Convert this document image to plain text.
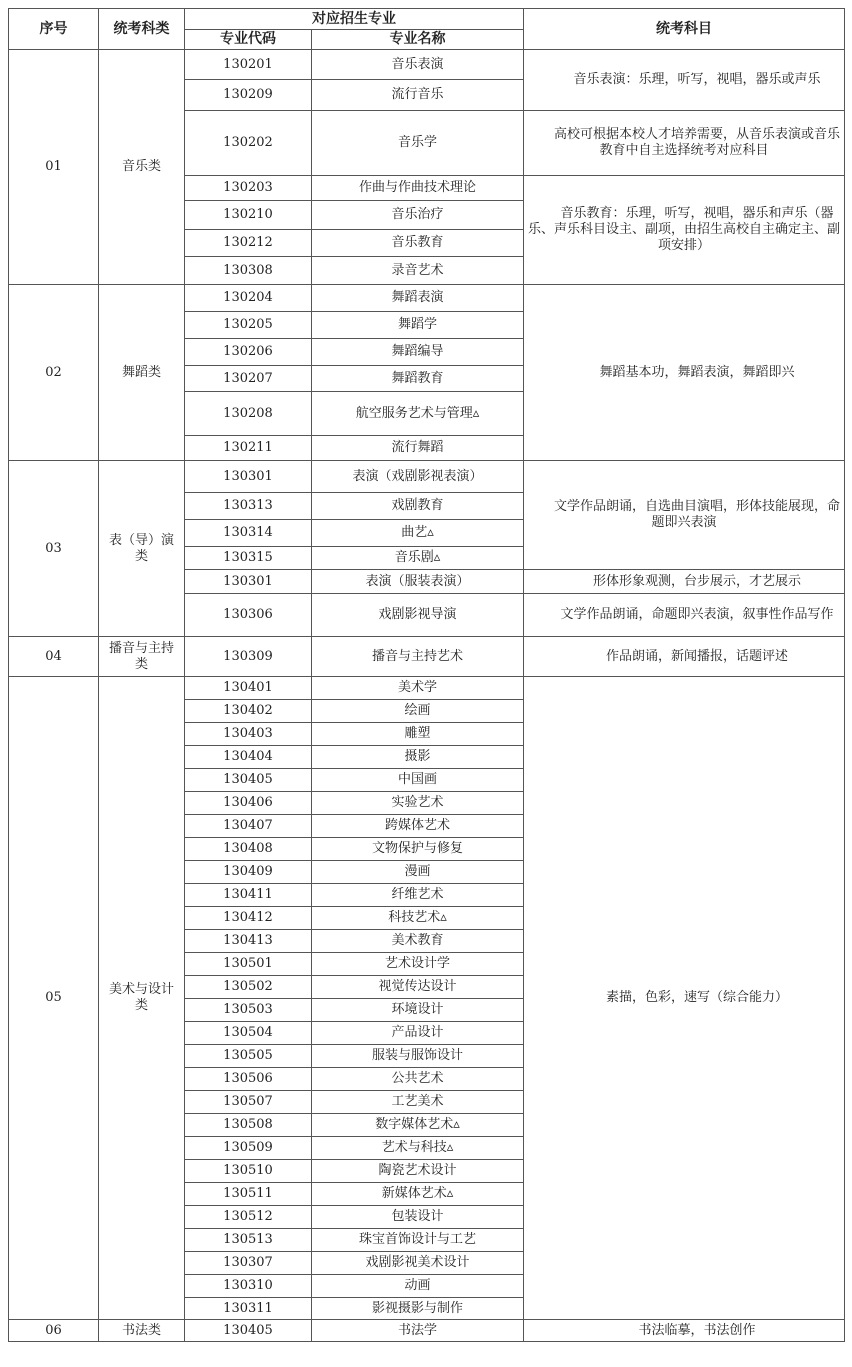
序号	统考科类	对应招生专业		统考科目
		专业代码	专业名称	
01	音乐类	130201	音乐表演	音乐表演：乐理，听写，视唱，器乐或声乐

		130209	流行音乐	
		130202	音乐学	高校可根据本校人才培养需要，从音乐表演或音乐教育中自主选择统考对应科目

		130203	作曲与作曲技术理论	音乐教育：乐理，听写，视唱，器乐和声乐（器乐、声乐科目设主、副项，由招生高校自主确定主、副项安排）

		130210	音乐治疗	
		130212	音乐教育	
		130308	录音艺术	
02	舞蹈类	130204	舞蹈表演	舞蹈基本功，舞蹈表演，舞蹈即兴

		130205	舞蹈学	
		130206	舞蹈编导	
		130207	舞蹈教育	
		130208	航空服务艺术与管理▵	
		130211	流行舞蹈	
03	表（导）演类	130301	表演（戏剧影视表演）	文学作品朗诵，自选曲目演唱，形体技能展现，命题即兴表演

		130313	戏剧教育	
		130314	曲艺▵	
		130315	音乐剧▵	
		130301	表演（服装表演）	形体形象观测，台步展示，才艺展示

		130306	戏剧影视导演	文学作品朗诵，命题即兴表演，叙事性作品写作

04	播音与主持类	130309	播音与主持艺术	作品朗诵，新闻播报，话题评述

05	美术与设计类	130401	美术学	素描，色彩，速写（综合能力）

		130402	绘画	
		130403	雕塑	
		130404	摄影	
		130405	中国画	
		130406	实验艺术	
		130407	跨媒体艺术	
		130408	文物保护与修复	
		130409	漫画	
		130411	纤维艺术	
		130412	科技艺术▵	
		130413	美术教育	
		130501	艺术设计学	
		130502	视觉传达设计	
		130503	环境设计	
		130504	产品设计	
		130505	服装与服饰设计	
		130506	公共艺术	
		130507	工艺美术	
		130508	数字媒体艺术▵	
		130509	艺术与科技▵	
		130510	陶瓷艺术设计	
		130511	新媒体艺术▵	
		130512	包装设计	
		130513	珠宝首饰设计与工艺	
		130307	戏剧影视美术设计	
		130310	动画	
		130311	影视摄影与制作	
06	书法类	130405	书法学	书法临摹，书法创作
